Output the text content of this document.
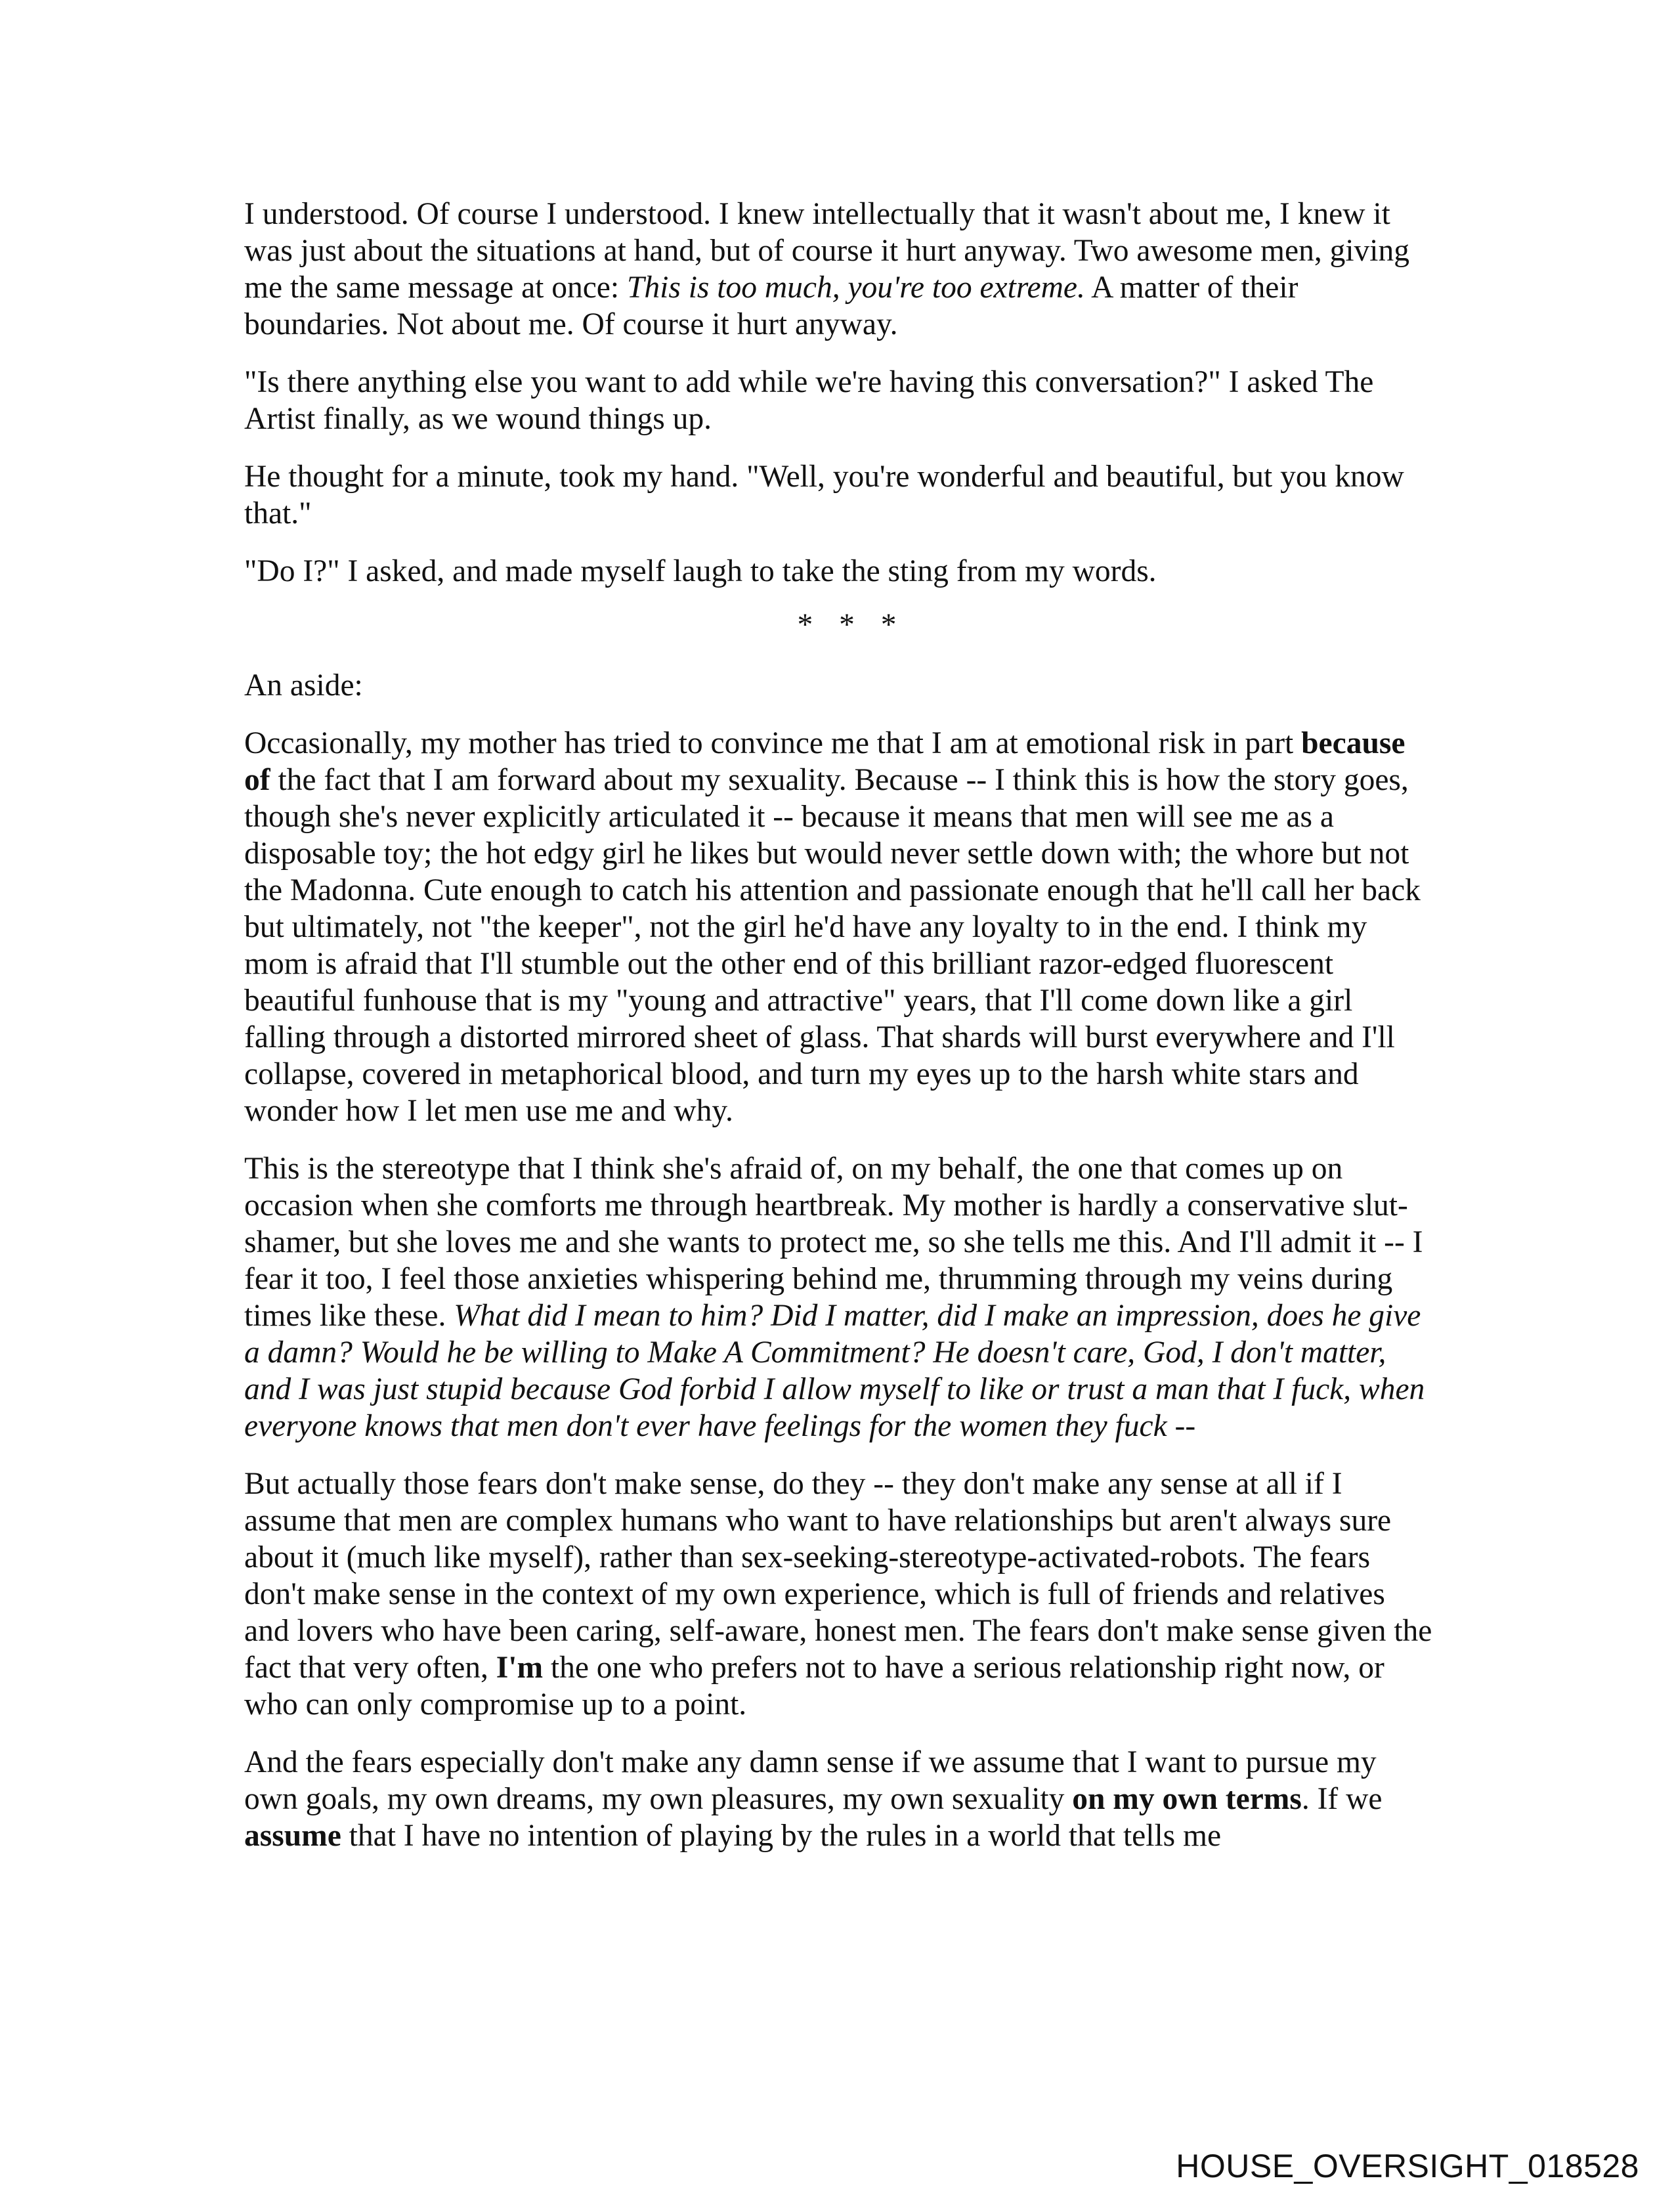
I understood. Of course I understood. I knew intellectually that it wasn't about me, I knew it was just about the situations at hand, but of course it hurt anyway. Two awesome men, giving me the same message at once: This is too much, you're too extreme. A matter of their boundaries. Not about me. Of course it hurt anyway.

"Is there anything else you want to add while we're having this conversation?" I asked The Artist finally, as we wound things up.

He thought for a minute, took my hand. "Well, you're wonderful and beautiful, but you know that."

"Do I?" I asked, and made myself laugh to take the sting from my words.

* * *

An aside:

Occasionally, my mother has tried to convince me that I am at emotional risk in part because of the fact that I am forward about my sexuality. Because -- I think this is how the story goes, though she's never explicitly articulated it -- because it means that men will see me as a disposable toy; the hot edgy girl he likes but would never settle down with; the whore but not the Madonna. Cute enough to catch his attention and passionate enough that he'll call her back but ultimately, not "the keeper", not the girl he'd have any loyalty to in the end. I think my mom is afraid that I'll stumble out the other end of this brilliant razor-edged fluorescent beautiful funhouse that is my "young and attractive" years, that I'll come down like a girl falling through a distorted mirrored sheet of glass. That shards will burst everywhere and I'll collapse, covered in metaphorical blood, and turn my eyes up to the harsh white stars and wonder how I let men use me and why.

This is the stereotype that I think she's afraid of, on my behalf, the one that comes up on occasion when she comforts me through heartbreak. My mother is hardly a conservative slut-shamer, but she loves me and she wants to protect me, so she tells me this. And I'll admit it -- I fear it too, I feel those anxieties whispering behind me, thrumming through my veins during times like these. What did I mean to him? Did I matter, did I make an impression, does he give a damn? Would he be willing to Make A Commitment? He doesn't care, God, I don't matter, and I was just stupid because God forbid I allow myself to like or trust a man that I fuck, when everyone knows that men don't ever have feelings for the women they fuck --

But actually those fears don't make sense, do they -- they don't make any sense at all if I assume that men are complex humans who want to have relationships but aren't always sure about it (much like myself), rather than sex-seeking-stereotype-activated-robots. The fears don't make sense in the context of my own experience, which is full of friends and relatives and lovers who have been caring, self-aware, honest men. The fears don't make sense given the fact that very often, I'm the one who prefers not to have a serious relationship right now, or who can only compromise up to a point.

And the fears especially don't make any damn sense if we assume that I want to pursue my own goals, my own dreams, my own pleasures, my own sexuality on my own terms. If we assume that I have no intention of playing by the rules in a world that tells me

HOUSE_OVERSIGHT_018528
